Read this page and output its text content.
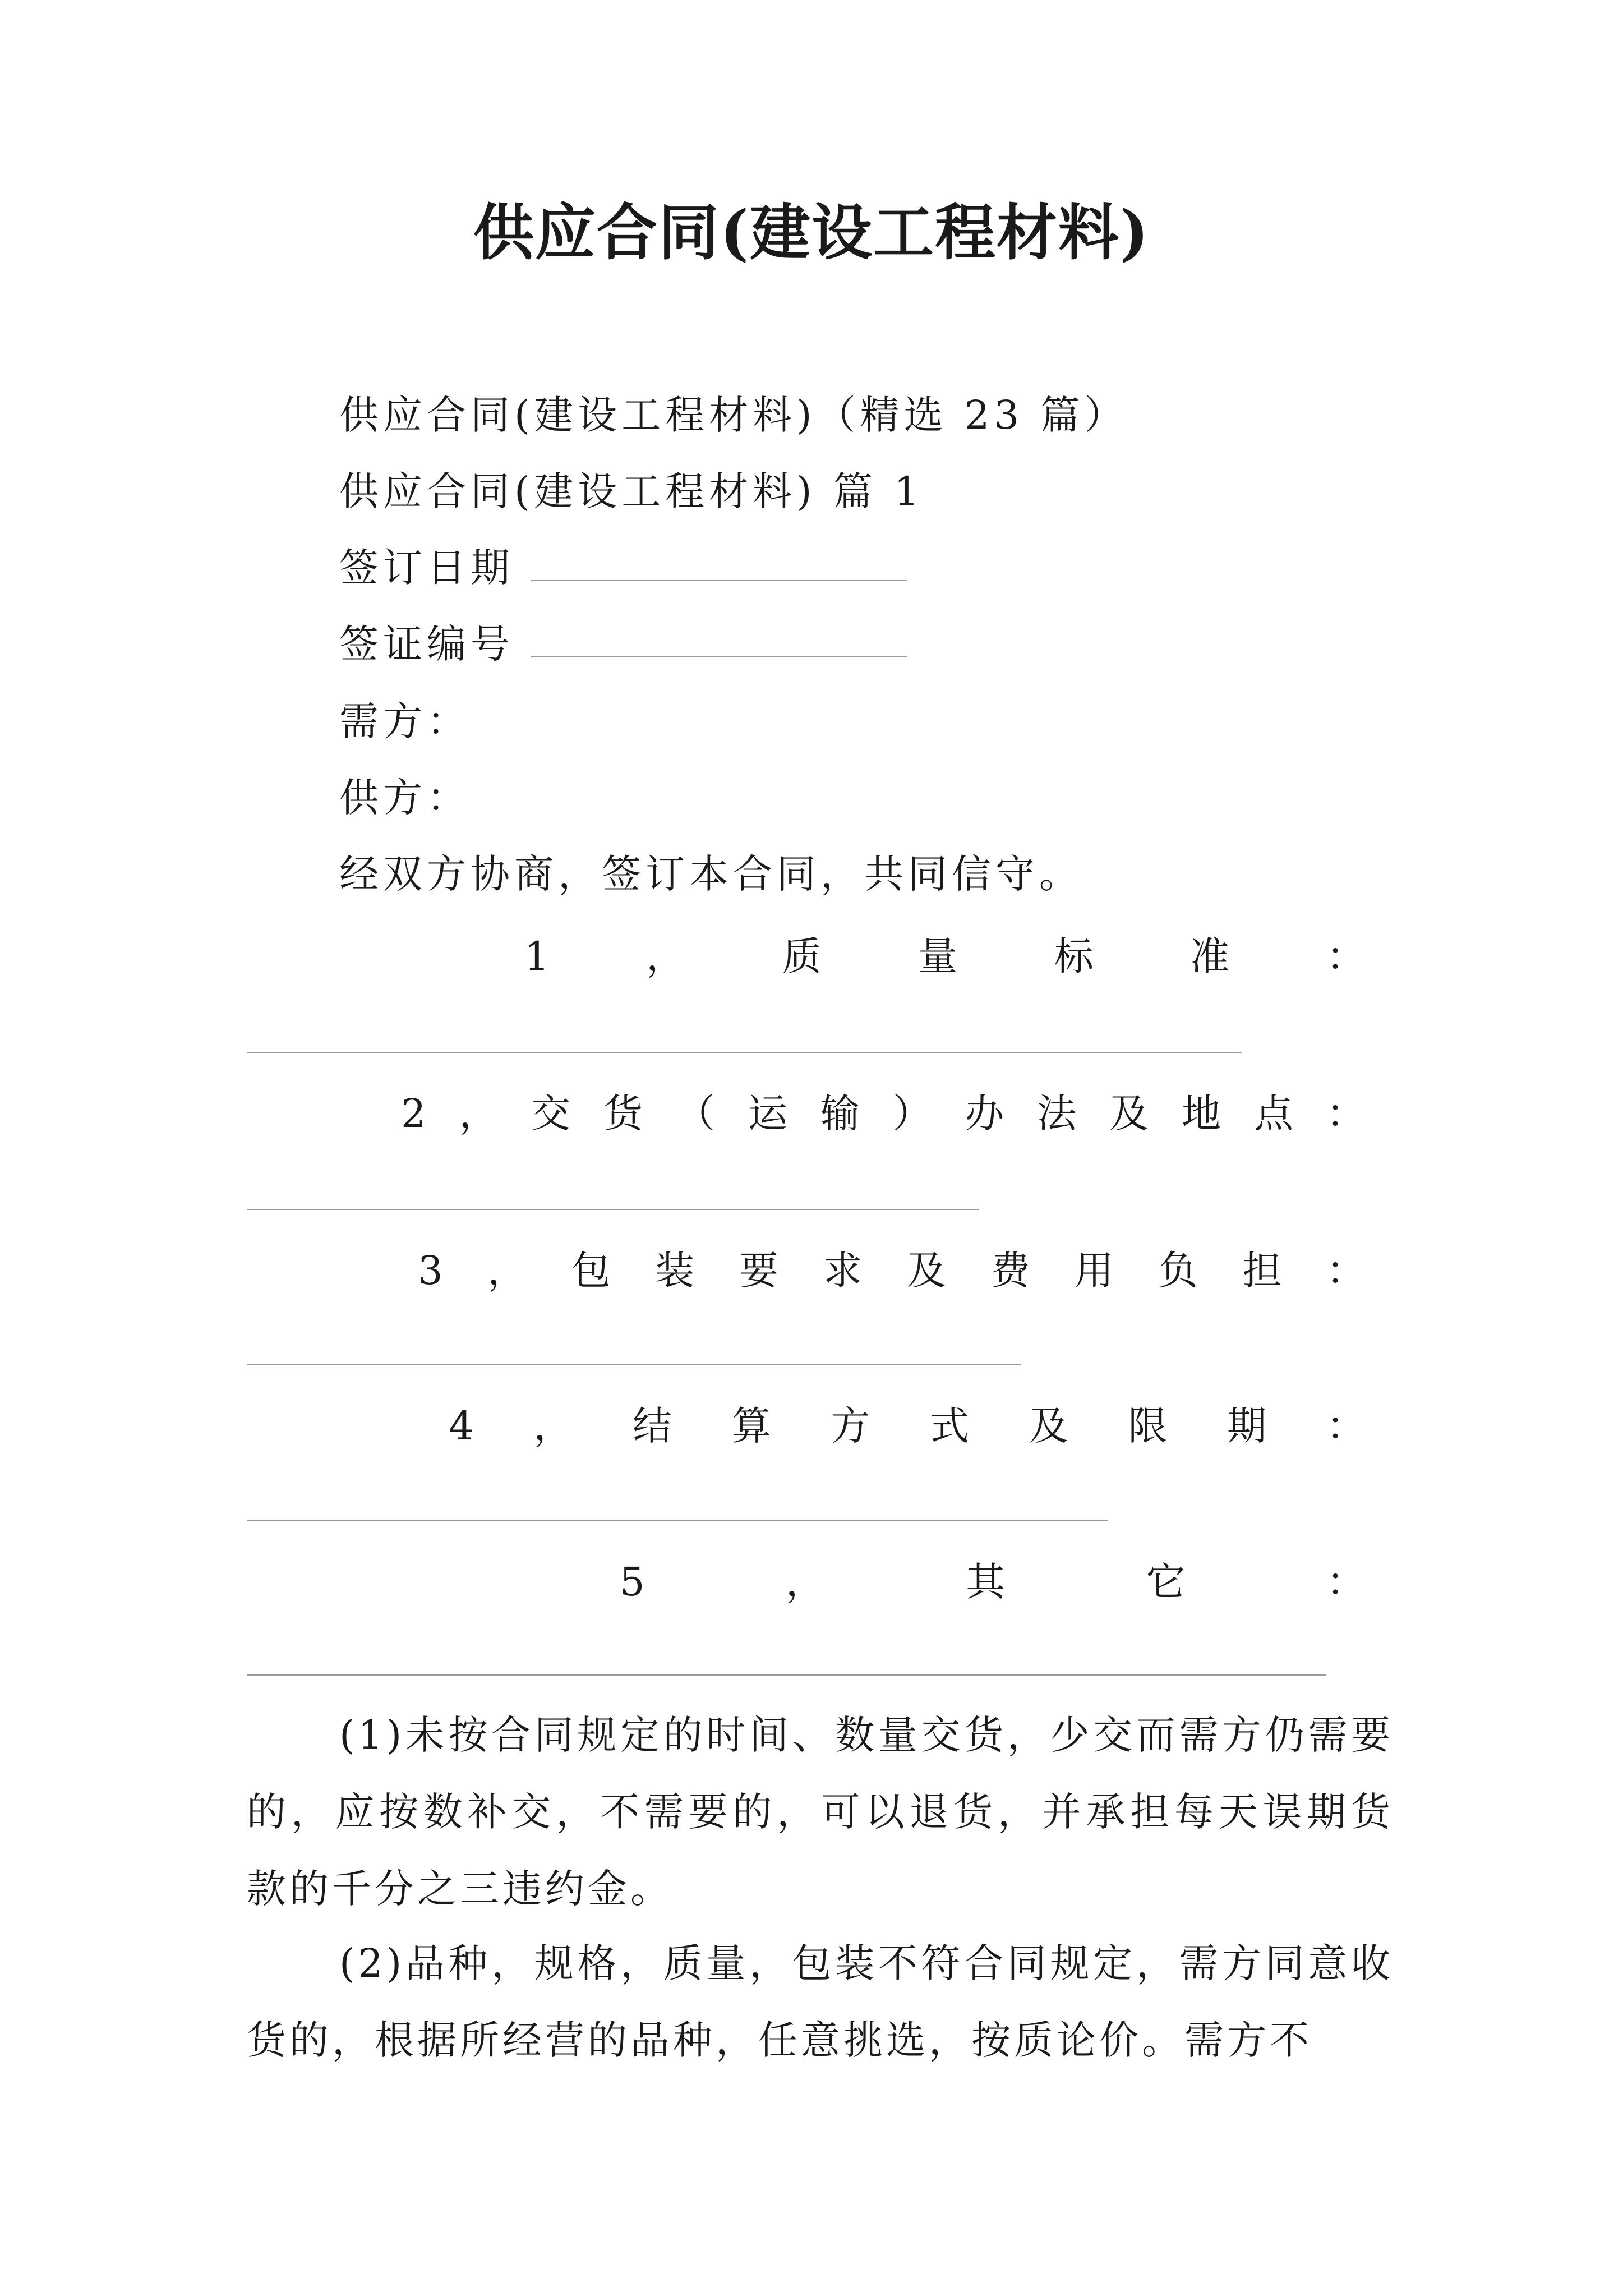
供应合同(建设工程材料)
供应合同(建设工程材料)（精选 23 篇）
供应合同(建设工程材料) 篇 1
签订日期
签证编号
需方：
供方：
经双方协商，签订本合同，共同信守。
1 ， 质 量 标 准 ：
2 ， 交 货 （ 运 输 ） 办 法 及 地 点 ：
3 ， 包 装 要 求 及 费 用 负 担 ：
4 ， 结 算 方 式 及 限 期 ：
5	，	其	它	：
(1)未按合同规定的时间、数量交货，少交而需方仍需要的，应按数补交，不需要的，可以退货，并承担每天误期货款的千分之三违约金。
(2)品种，规格，质量，包装不符合同规定，需方同意收货的，根据所经营的品种，任意挑选，按质论价。需方不
